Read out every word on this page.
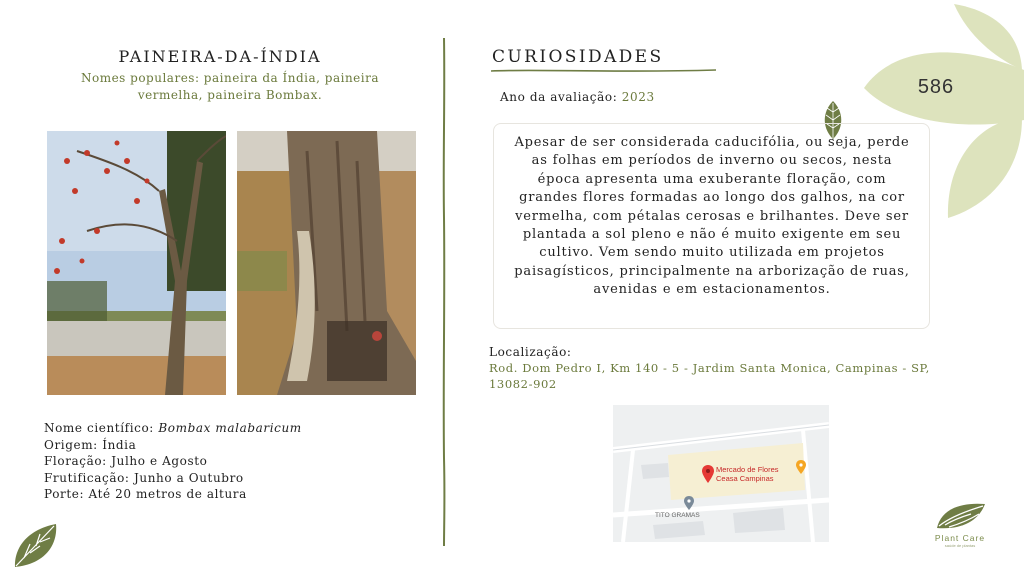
586
PAINEIRA-DA-ÍNDIA
Nomes populares: paineira da Índia, paineira vermelha, paineira Bombax.
Nome científico: Bombax malabaricum
Origem: Índia
Floração: Julho e Agosto
Frutificação: Junho a Outubro
Porte: Até 20 metros de altura
CURIOSIDADES
Ano da avaliação: 2023
Apesar de ser considerada caducifólia, ou seja, perde as folhas em períodos de inverno ou secos, nesta época apresenta uma exuberante floração, com grandes flores formadas ao longo dos galhos, na cor vermelha, com pétalas cerosas e brilhantes. Deve ser plantada a sol pleno e não é muito exigente em seu cultivo. Vem sendo muito utilizada em projetos paisagísticos, principalmente na arborização de ruas, avenidas e em estacionamentos.
Localização:
Rod. Dom Pedro I, Km 140 - 5 - Jardim Santa Monica, Campinas - SP, 13082-902
Mercado de Flores
Ceasa Campinas
TITO GRAMAS
Plant Care
saúde de plantas
